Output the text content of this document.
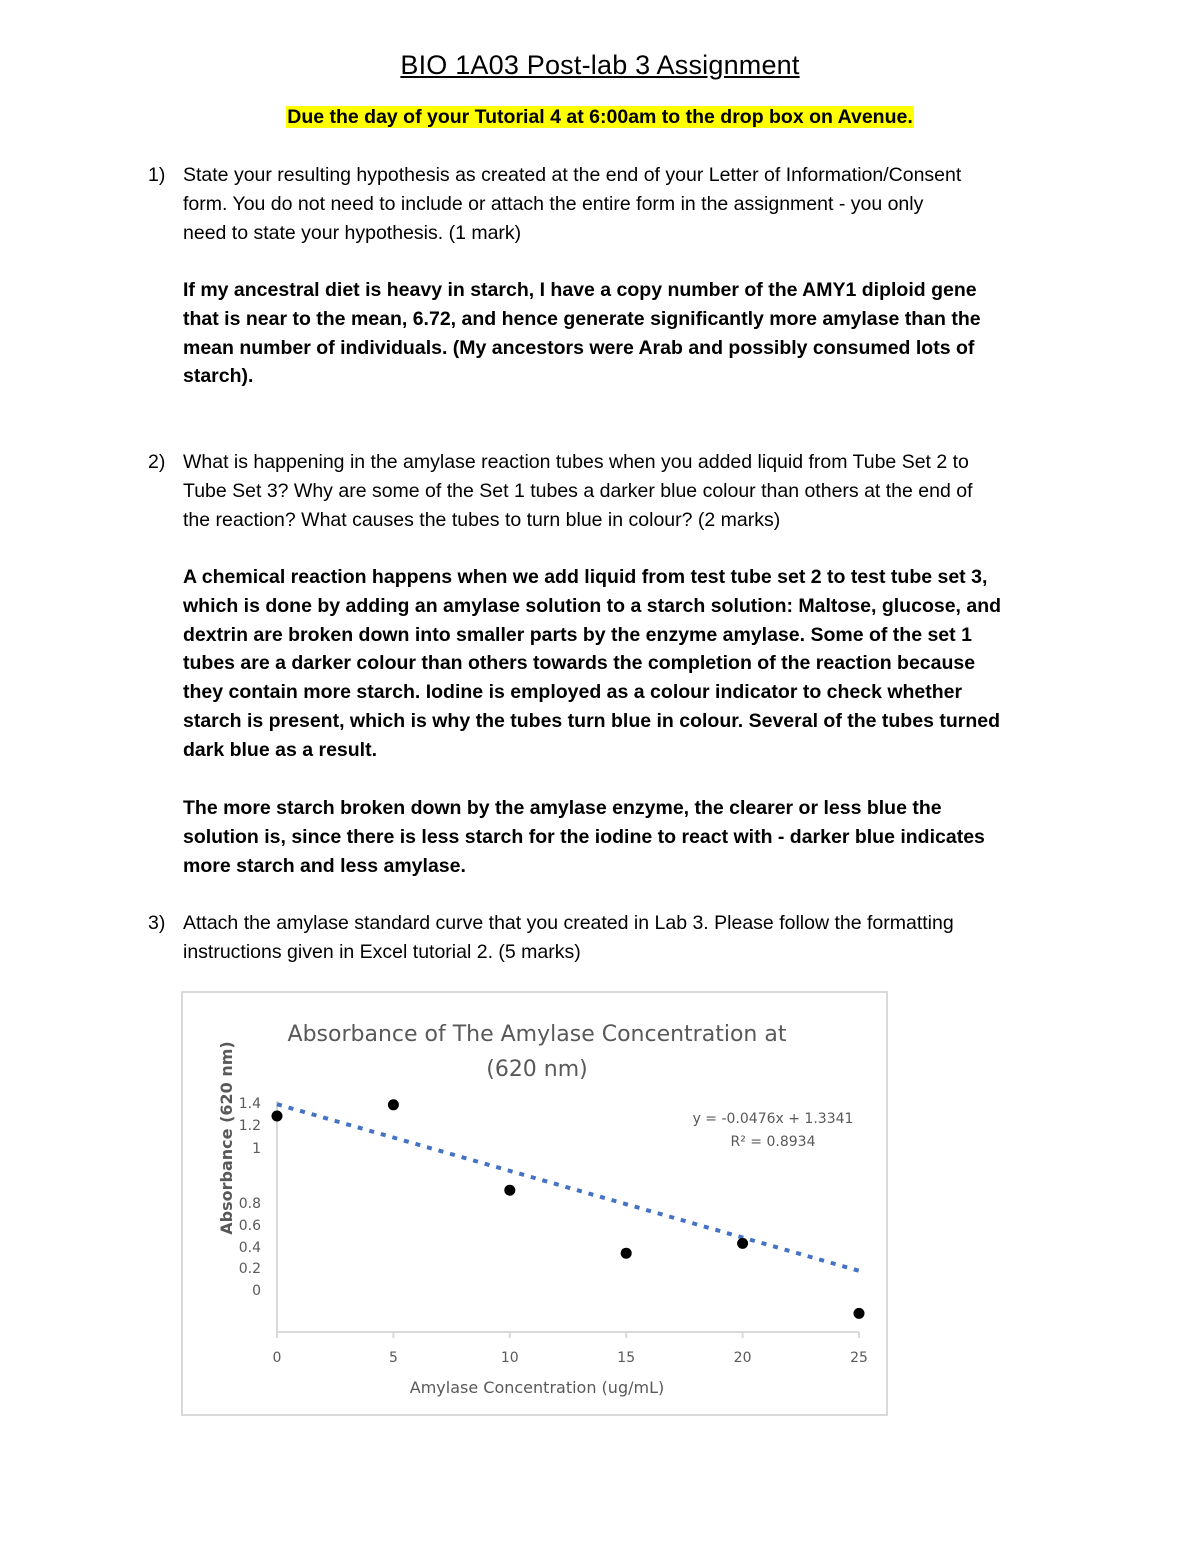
BIO 1A03 Post-lab 3 Assignment
Due the day of your Tutorial 4 at 6:00am to the drop box on Avenue.
1) State your resulting hypothesis as created at the end of your Letter of Information/Consent
form. You do not need to include or attach the entire form in the assignment - you only
need to state your hypothesis. (1 mark)
If my ancestral diet is heavy in starch, I have a copy number of the AMY1 diploid gene
that is near to the mean, 6.72, and hence generate significantly more amylase than the
mean number of individuals. (My ancestors were Arab and possibly consumed lots of
starch).
2) What is happening in the amylase reaction tubes when you added liquid from Tube Set 2 to
Tube Set 3? Why are some of the Set 1 tubes a darker blue colour than others at the end of
the reaction? What causes the tubes to turn blue in colour? (2 marks)
A chemical reaction happens when we add liquid from test tube set 2 to test tube set 3,
which is done by adding an amylase solution to a starch solution: Maltose, glucose, and
dextrin are broken down into smaller parts by the enzyme amylase. Some of the set 1
tubes are a darker colour than others towards the completion of the reaction because
they contain more starch. Iodine is employed as a colour indicator to check whether
starch is present, which is why the tubes turn blue in colour. Several of the tubes turned
dark blue as a result.
The more starch broken down by the amylase enzyme, the clearer or less blue the
solution is, since there is less starch for the iodine to react with - darker blue indicates
more starch and less amylase.
3) Attach the amylase standard curve that you created in Lab 3. Please follow the formatting
instructions given in Excel tutorial 2. (5 marks)
0	5	10	15	20	25
1.4
1.2
1
0.8
0.6
0.4
0.2
0
Absorbance of The Amylase Concentration at
(620 nm)
Amylase Concentration (ug/mL)
Absorbance (620 nm)	y = -0.0476x + 1.3341
R² = 0.8934
